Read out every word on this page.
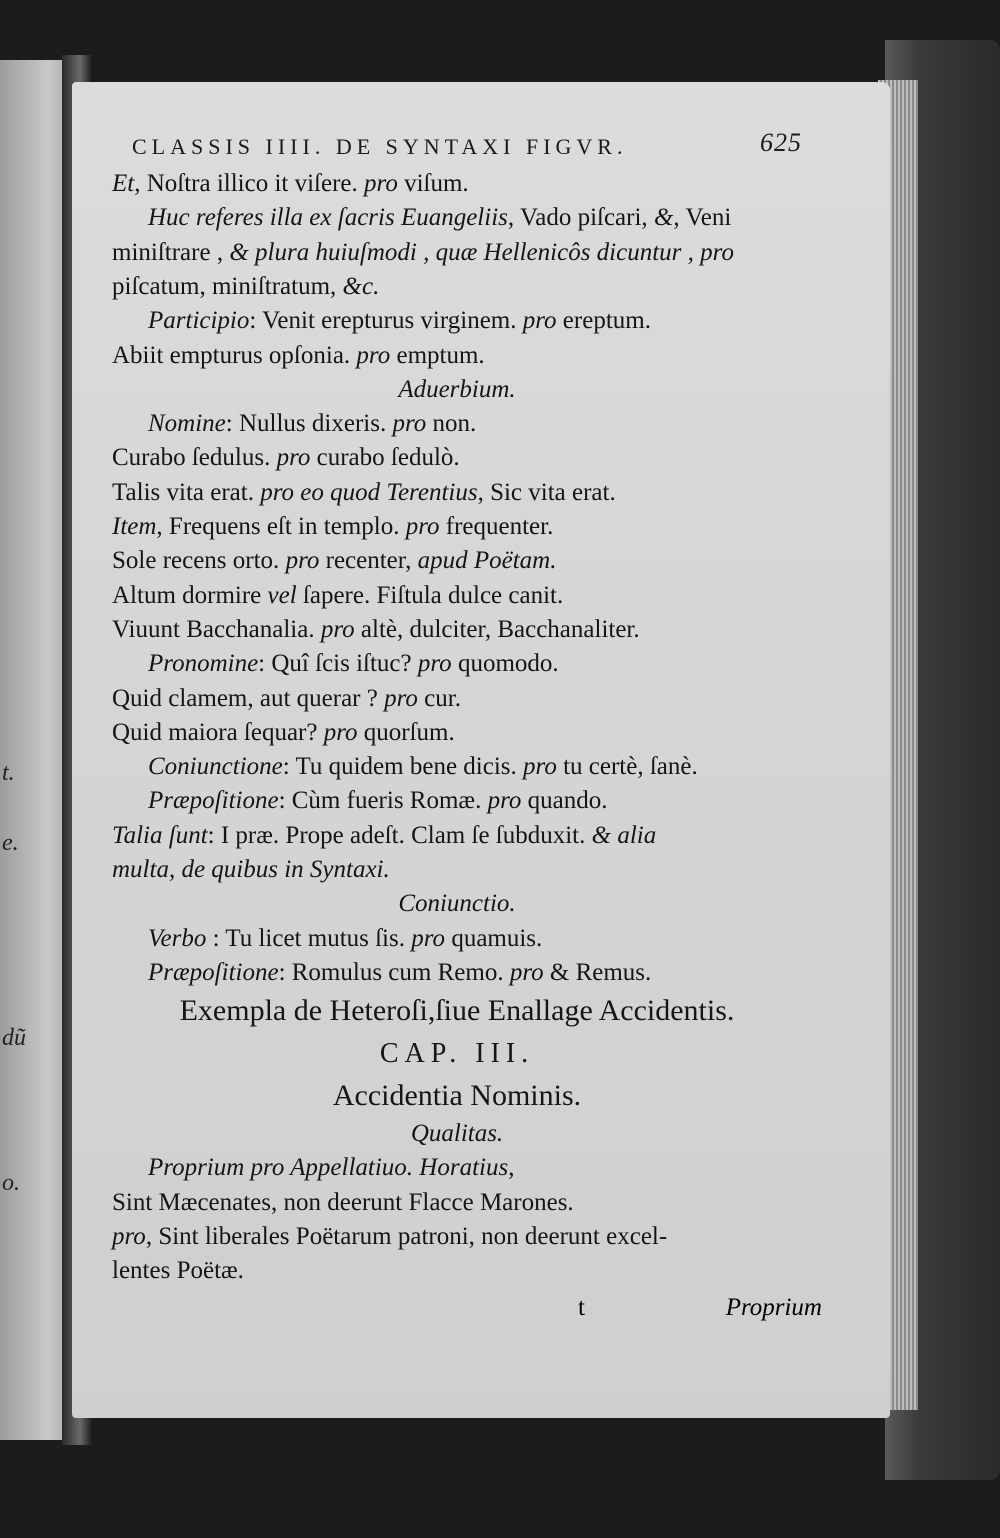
t.
e.
dũ
o.
CLASSIS IIII. DE SYNTAXI FIGVR.	625
Et, Noſtra illico it viſere. pro viſum.
Huc referes illa ex ſacris Euangeliis, Vado piſcari, &, Veni
miniſtrare , & plura huiuſmodi , quæ Hellenicôs dicuntur , pro
piſcatum, miniſtratum, &c.
Participio: Venit erepturus virginem. pro ereptum.
Abiit empturus opſonia. pro emptum.
Aduerbium.
Nomine: Nullus dixeris. pro non.
Curabo ſedulus. pro curabo ſedulò.
Talis vita erat. pro eo quod Terentius, Sic vita erat.
Item, Frequens eſt in templo. pro frequenter.
Sole recens orto. pro recenter, apud Poëtam.
Altum dormire vel ſapere. Fiſtula dulce canit.
Viuunt Bacchanalia. pro altè, dulciter, Bacchanaliter.
Pronomine: Quî ſcis iſtuc? pro quomodo.
Quid clamem, aut querar ? pro cur.
Quid maiora ſequar? pro quorſum.
Coniunctione: Tu quidem bene dicis. pro tu certè, ſanè.
Præpoſitione: Cùm fueris Romæ. pro quando.
Talia ſunt: I præ. Prope adeſt. Clam ſe ſubduxit. & alia
multa, de quibus in Syntaxi.
Coniunctio.
Verbo : Tu licet mutus ſis. pro quamuis.
Præpoſitione: Romulus cum Remo. pro & Remus.
Exempla de Heteroſi,ſiue Enallage Accidentis.
CAP. III.
Accidentia Nominis.
Qualitas.
Proprium pro Appellatiuo. Horatius,
Sint Mæcenates, non deerunt Flacce Marones.
pro, Sint liberales Poëtarum patroni, non deerunt excel-
lentes Poëtæ.
t	Proprium
